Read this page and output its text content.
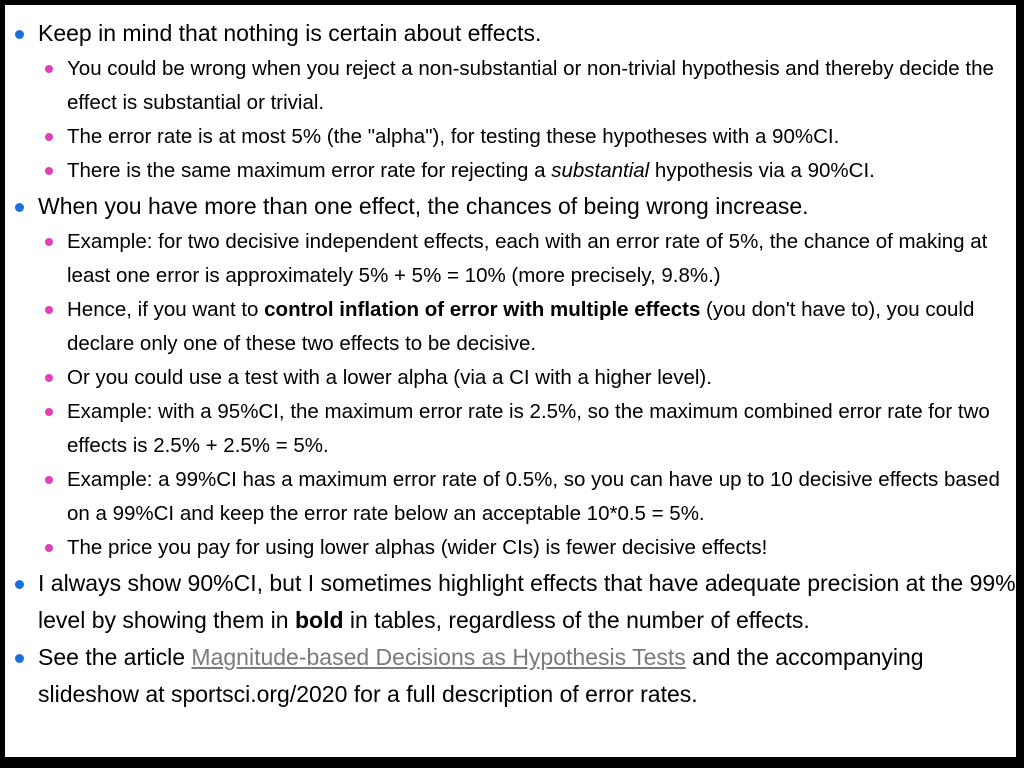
Keep in mind that nothing is certain about effects.
You could be wrong when you reject a non-substantial or non-trivial hypothesis and thereby decide the effect is substantial or trivial.
The error rate is at most 5% (the "alpha"), for testing these hypotheses with a 90%CI.
There is the same maximum error rate for rejecting a substantial hypothesis via a 90%CI.
When you have more than one effect, the chances of being wrong increase.
Example: for two decisive independent effects, each with an error rate of 5%, the chance of making at least one error is approximately 5% + 5% = 10% (more precisely, 9.8%.)
Hence, if you want to control inflation of error with multiple effects (you don't have to), you could declare only one of these two effects to be decisive.
Or you could use a test with a lower alpha (via a CI with a higher level).
Example: with a 95%CI, the maximum error rate is 2.5%, so the maximum combined error rate for two effects is 2.5% + 2.5% = 5%.
Example: a 99%CI has a maximum error rate of 0.5%, so you can have up to 10 decisive effects based on a 99%CI and keep the error rate below an acceptable 10*0.5 = 5%.
The price you pay for using lower alphas (wider CIs) is fewer decisive effects!
I always show 90%CI, but I sometimes highlight effects that have adequate precision at the 99% level by showing them in bold in tables, regardless of the number of effects.
See the article Magnitude-based Decisions as Hypothesis Tests and the accompanying slideshow at sportsci.org/2020 for a full description of error rates.
